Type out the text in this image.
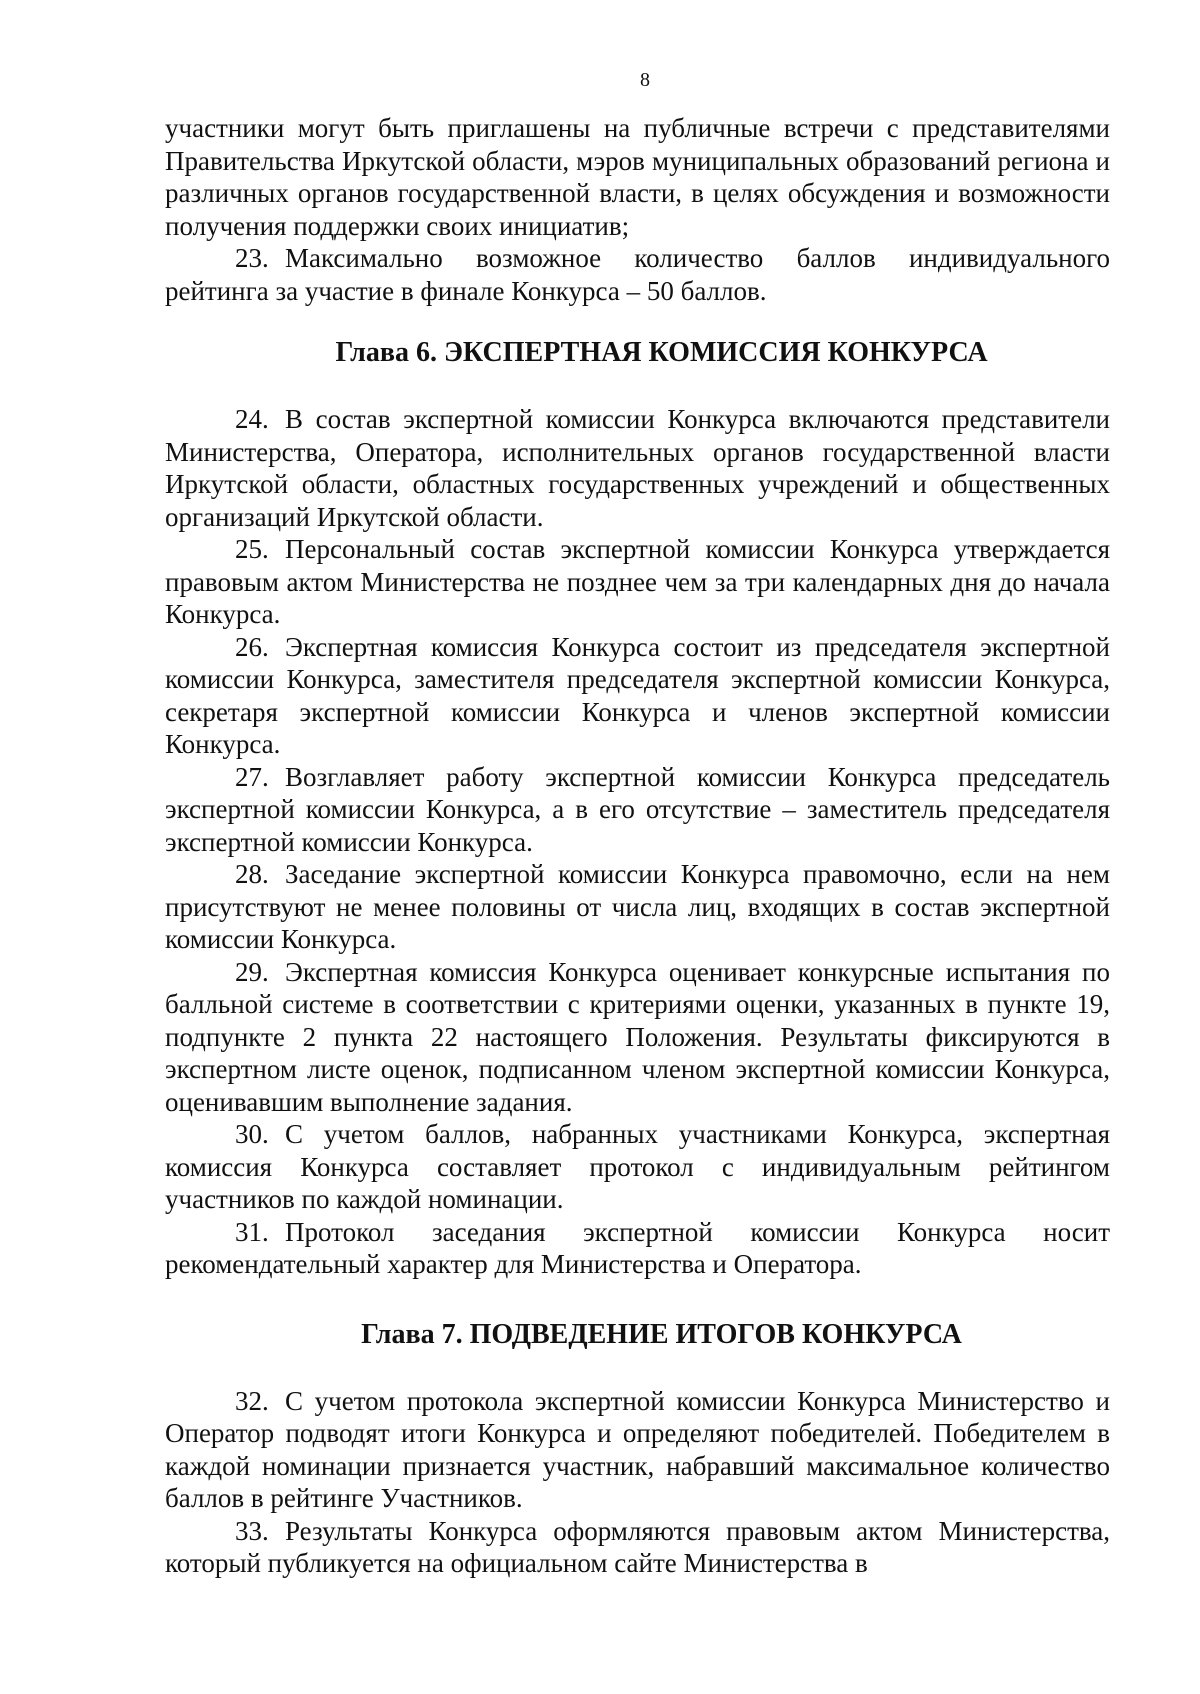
8

участники могут быть приглашены на публичные встречи с представителями Правительства Иркутской области, мэров муниципальных образований региона и различных органов государственной власти, в целях обсуждения и возможности получения поддержки своих инициатив;

23. Максимально возможное количество баллов индивидуального рейтинга за участие в финале Конкурса – 50 баллов.

Глава 6. ЭКСПЕРТНАЯ КОМИССИЯ КОНКУРСА

24. В состав экспертной комиссии Конкурса включаются представители Министерства, Оператора, исполнительных органов государственной власти Иркутской области, областных государственных учреждений и общественных организаций Иркутской области.

25. Персональный состав экспертной комиссии Конкурса утверждается правовым актом Министерства не позднее чем за три календарных дня до начала Конкурса.

26. Экспертная комиссия Конкурса состоит из председателя экспертной комиссии Конкурса, заместителя председателя экспертной комиссии Конкурса, секретаря экспертной комиссии Конкурса и членов экспертной комиссии Конкурса.

27. Возглавляет работу экспертной комиссии Конкурса председатель экспертной комиссии Конкурса, а в его отсутствие – заместитель председателя экспертной комиссии Конкурса.

28. Заседание экспертной комиссии Конкурса правомочно, если на нем присутствуют не менее половины от числа лиц, входящих в состав экспертной комиссии Конкурса.

29. Экспертная комиссия Конкурса оценивает конкурсные испытания по балльной системе в соответствии с критериями оценки, указанных в пункте 19, подпункте 2 пункта 22 настоящего Положения. Результаты фиксируются в экспертном листе оценок, подписанном членом экспертной комиссии Конкурса, оценивавшим выполнение задания.

30. С учетом баллов, набранных участниками Конкурса, экспертная комиссия Конкурса составляет протокол с индивидуальным рейтингом участников по каждой номинации.

31. Протокол заседания экспертной комиссии Конкурса носит рекомендательный характер для Министерства и Оператора.

Глава 7. ПОДВЕДЕНИЕ ИТОГОВ КОНКУРСА

32. С учетом протокола экспертной комиссии Конкурса Министерство и Оператор подводят итоги Конкурса и определяют победителей. Победителем в каждой номинации признается участник, набравший максимальное количество баллов в рейтинге Участников.

33. Результаты Конкурса оформляются правовым актом Министерства, который публикуется на официальном сайте Министерства в
